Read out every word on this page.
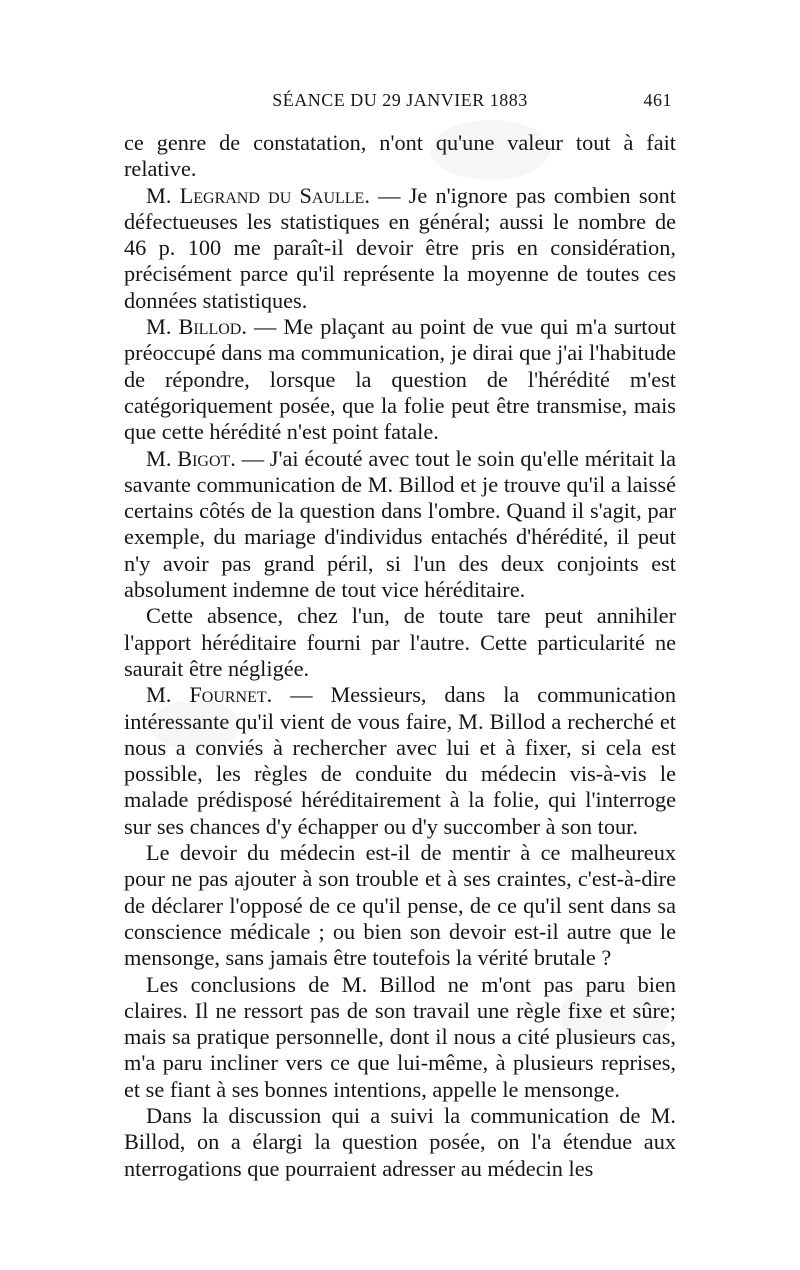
SÉANCE DU 29 JANVIER 1883	461

ce genre de constatation, n'ont qu'une valeur tout à fait relative.

M. Legrand du Saulle. — Je n'ignore pas combien sont défectueuses les statistiques en général; aussi le nombre de 46 p. 100 me paraît-il devoir être pris en considération, précisément parce qu'il représente la moyenne de toutes ces données statistiques.

M. Billod. — Me plaçant au point de vue qui m'a surtout préoccupé dans ma communication, je dirai que j'ai l'habitude de répondre, lorsque la question de l'hérédité m'est catégoriquement posée, que la folie peut être transmise, mais que cette hérédité n'est point fatale.

M. Bigot. — J'ai écouté avec tout le soin qu'elle méritait la savante communication de M. Billod et je trouve qu'il a laissé certains côtés de la question dans l'ombre. Quand il s'agit, par exemple, du mariage d'individus entachés d'hérédité, il peut n'y avoir pas grand péril, si l'un des deux conjoints est absolument indemne de tout vice héréditaire.

Cette absence, chez l'un, de toute tare peut annihiler l'apport héréditaire fourni par l'autre. Cette particularité ne saurait être négligée.

M. Fournet. — Messieurs, dans la communication intéressante qu'il vient de vous faire, M. Billod a recherché et nous a conviés à rechercher avec lui et à fixer, si cela est possible, les règles de conduite du médecin vis-à-vis le malade prédisposé héréditairement à la folie, qui l'interroge sur ses chances d'y échapper ou d'y succomber à son tour.

Le devoir du médecin est-il de mentir à ce malheureux pour ne pas ajouter à son trouble et à ses craintes, c'est-à-dire de déclarer l'opposé de ce qu'il pense, de ce qu'il sent dans sa conscience médicale ; ou bien son devoir est-il autre que le mensonge, sans jamais être toutefois la vérité brutale ?

Les conclusions de M. Billod ne m'ont pas paru bien claires. Il ne ressort pas de son travail une règle fixe et sûre; mais sa pratique personnelle, dont il nous a cité plusieurs cas, m'a paru incliner vers ce que lui-même, à plusieurs reprises, et se fiant à ses bonnes intentions, appelle le mensonge.

Dans la discussion qui a suivi la communication de M. Billod, on a élargi la question posée, on l'a étendue aux nterrogations que pourraient adresser au médecin les
